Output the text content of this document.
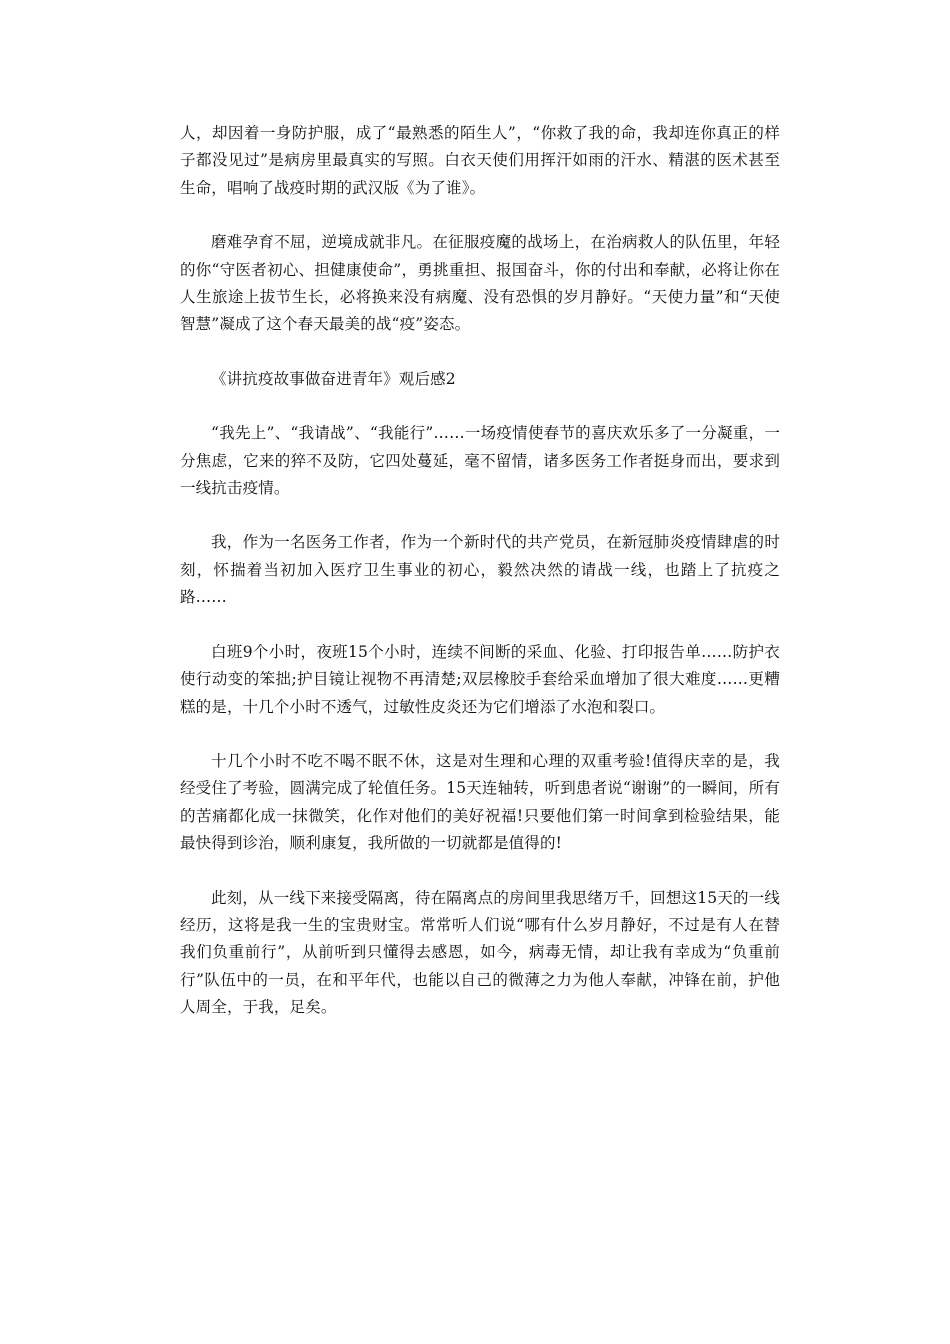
人，却因着一身防护服，成了“最熟悉的陌生人”，“你救了我的命，我却连你真正的样子都没见过”是病房里最真实的写照。白衣天使们用挥汗如雨的汗水、精湛的医术甚至生命，唱响了战疫时期的武汉版《为了谁》。

磨难孕育不屈，逆境成就非凡。在征服疫魔的战场上，在治病救人的队伍里，年轻的你“守医者初心、担健康使命”，勇挑重担、报国奋斗，你的付出和奉献，必将让你在人生旅途上拔节生长，必将换来没有病魔、没有恐惧的岁月静好。“天使力量”和“天使智慧”凝成了这个春天最美的战“疫”姿态。

《讲抗疫故事做奋进青年》观后感2

“我先上”、“我请战”、“我能行”……一场疫情使春节的喜庆欢乐多了一分凝重，一分焦虑，它来的猝不及防，它四处蔓延，毫不留情，诸多医务工作者挺身而出，要求到一线抗击疫情。

我，作为一名医务工作者，作为一个新时代的共产党员，在新冠肺炎疫情肆虐的时刻，怀揣着当初加入医疗卫生事业的初心，毅然决然的请战一线，也踏上了抗疫之路……

白班9个小时，夜班15个小时，连续不间断的采血、化验、打印报告单……防护衣使行动变的笨拙;护目镜让视物不再清楚;双层橡胶手套给采血增加了很大难度……更糟糕的是，十几个小时不透气，过敏性皮炎还为它们增添了水泡和裂口。

十几个小时不吃不喝不眠不休，这是对生理和心理的双重考验!值得庆幸的是，我经受住了考验，圆满完成了轮值任务。15天连轴转，听到患者说“谢谢”的一瞬间，所有的苦痛都化成一抹微笑，化作对他们的美好祝福!只要他们第一时间拿到检验结果，能最快得到诊治，顺利康复，我所做的一切就都是值得的!

此刻，从一线下来接受隔离，待在隔离点的房间里我思绪万千，回想这15天的一线经历，这将是我一生的宝贵财宝。常常听人们说“哪有什么岁月静好，不过是有人在替我们负重前行”，从前听到只懂得去感恩，如今，病毒无情，却让我有幸成为“负重前行”队伍中的一员，在和平年代，也能以自己的微薄之力为他人奉献，冲锋在前，护他人周全，于我，足矣。
